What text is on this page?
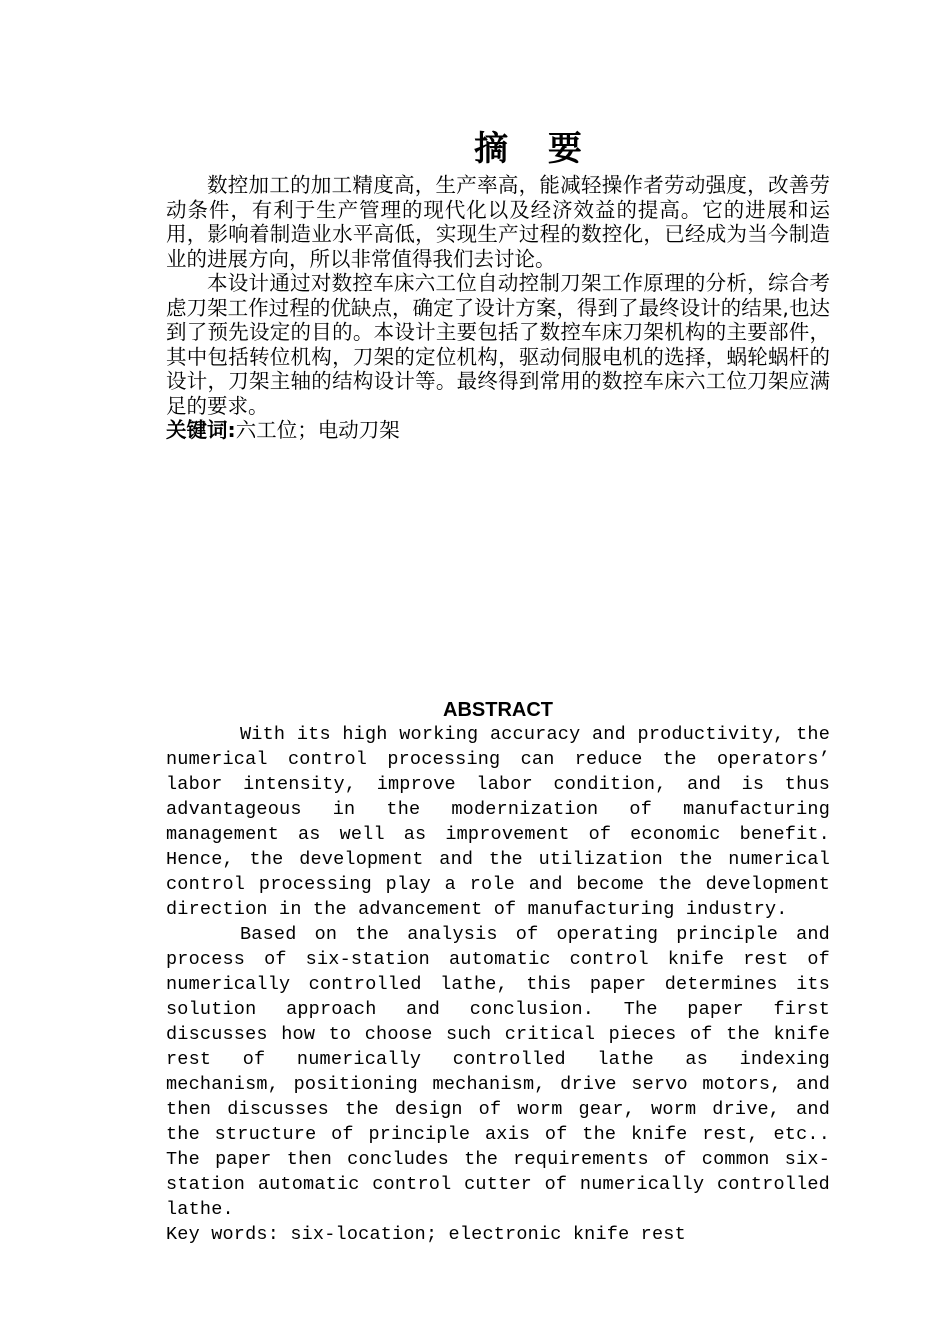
摘 要

数控加工的加工精度高，生产率高，能减轻操作者劳动强度，改善劳动条件，有利于生产管理的现代化以及经济效益的提高。它的进展和运用，影响着制造业水平高低，实现生产过程的数控化，已经成为当今制造业的进展方向，所以非常值得我们去讨论。

本设计通过对数控车床六工位自动控制刀架工作原理的分析，综合考虑刀架工作过程的优缺点，确定了设计方案，得到了最终设计的结果,也达到了预先设定的目的。本设计主要包括了数控车床刀架机构的主要部件，其中包括转位机构，刀架的定位机构，驱动伺服电机的选择，蜗轮蜗杆的设计，刀架主轴的结构设计等。最终得到常用的数控车床六工位刀架应满足的要求。

关键词:六工位；电动刀架
ABSTRACT

With its high working accuracy and productivity, the numerical control processing can reduce the operators’ labor intensity, improve labor condition, and is thus advantageous in the modernization of manufacturing management as well as improvement of economic benefit. Hence, the development and the utilization the numerical control processing play a role and become the development direction in the advancement of manufacturing industry.

Based on the analysis of operating principle and process of six-station automatic control knife rest of numerically controlled lathe, this paper determines its solution approach and conclusion. The paper first discusses how to choose such critical pieces of the knife rest of numerically controlled lathe as indexing mechanism, positioning mechanism, drive servo motors, and then discusses the design of worm gear, worm drive, and the structure of principle axis of the knife rest, etc.. The paper then concludes the requirements of common six-station automatic control cutter of numerically controlled lathe.

Key words: six-location; electronic knife rest
